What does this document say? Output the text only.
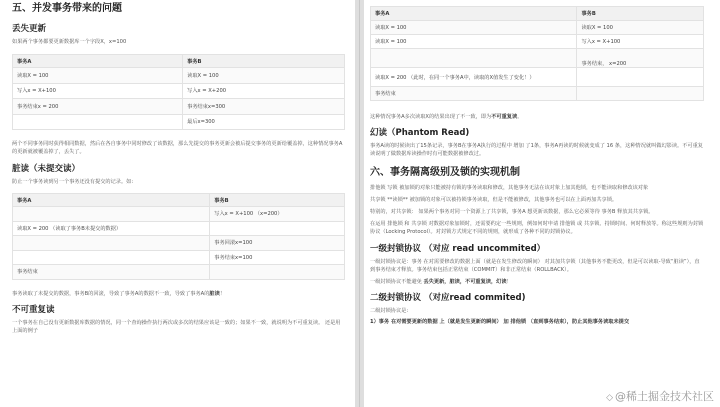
五、并发事务带来的问题
丢失更新

如果两个事务都要更新数据库一个字段X，x=100

事务A	事务B
读取X = 100	读取X = 100
写入x = X+100	写入x = X+200
事务结束x = 200	事务结束x=300
	最后x=300

两个不同事务同时获得相同数据，然后在各自事务中同时修改了该数据，那么先提交的事务更新会被后提交事务的更新给覆盖掉，这种情况事务A的更新就被覆盖掉了，丢失了。

脏读（未提交读）

防止一个事务读到另一个事务还没有提交的记录。如:

事务A	事务B
	写入x = X+100 （x=200）
读取X = 200 （读取了事务B未提交的数据）	
	事务回滚x=100
	事务结束x=100
事务结束	

事务读取了未提交的数据，事务B的回滚，导致了事务A的数据不一致，导致了事务A的脏读！

不可重复读

一个事务在自己没有更新数据库数据的情况，同一个查询操作执行两次或多次的结果应该是一致的；如果不一致，就说明为不可重复读。 还是用上面的例子

事务A	事务B
读取X = 100	读取X = 100
读取X = 100	写入x = X+100
	事务结束， x=200
读取X = 200 （此时，在同一个事务A中，读取的X值发生了变化！）	
事务结束	

这种情况事务A多次读取X的结果出现了不一致，即为不可重复读。

幻读（Phantom Read)

事务A读的时候读出了15条记录，事务B在事务A执行的过程中 增加 了1条，事务A再读的时候就变成了 16 条，这种情况就叫做幻影读。不可重复读说明了做数据库读操作时有可能数据被修改过。

六、事务隔离级别及锁的实现机制

排他锁 写锁 被加锁的对象只能被持有锁的事务读取和修改，其他事务无法在该对象上加其他锁，也不能读取和修改该对象

共享锁 **读锁** 被加锁的对象可以被持锁事务读取，但是不能被修改，其他事务也可以在上面再加共享锁。

特别的，对共享锁： 如果两个事务对同一个资源上了共享锁，事务A 想更新该数据，那么它必须等待 事务B 释放其共享锁。

在运用 排他锁 和 共享锁 对数据对象加锁时，还需要约定一些规则，例如何时申请 排他锁 或 共享锁、持锁时间、何时释放等。称这些规则为封锁协议（Locking Protocol）。对封锁方式规定不同的规则，就形成了各种不同的封锁协议。

一级封锁协议 （对应 read uncommited）

一级封锁协议是：事务 在对需要修改的数据上面（就是在发生修改的瞬间） 对其加共享锁（其他事务不能更改，但是可以读取-导致“脏读”），直到事务结束才释放。事务结束包括正常结束（COMMIT）和非正常结束（ROLLBACK）。

一级封锁协议不能避免 丢失更新，脏读，不可重复读，幻读！

二级封锁协议 （对应read commited)

二级封锁协议是:

1）事务 在对需要更新的数据 上（就是发生更新的瞬间） 加 排他锁 （直到事务结束），防止其他事务读取未提交

◇ @稀土掘金技术社区
